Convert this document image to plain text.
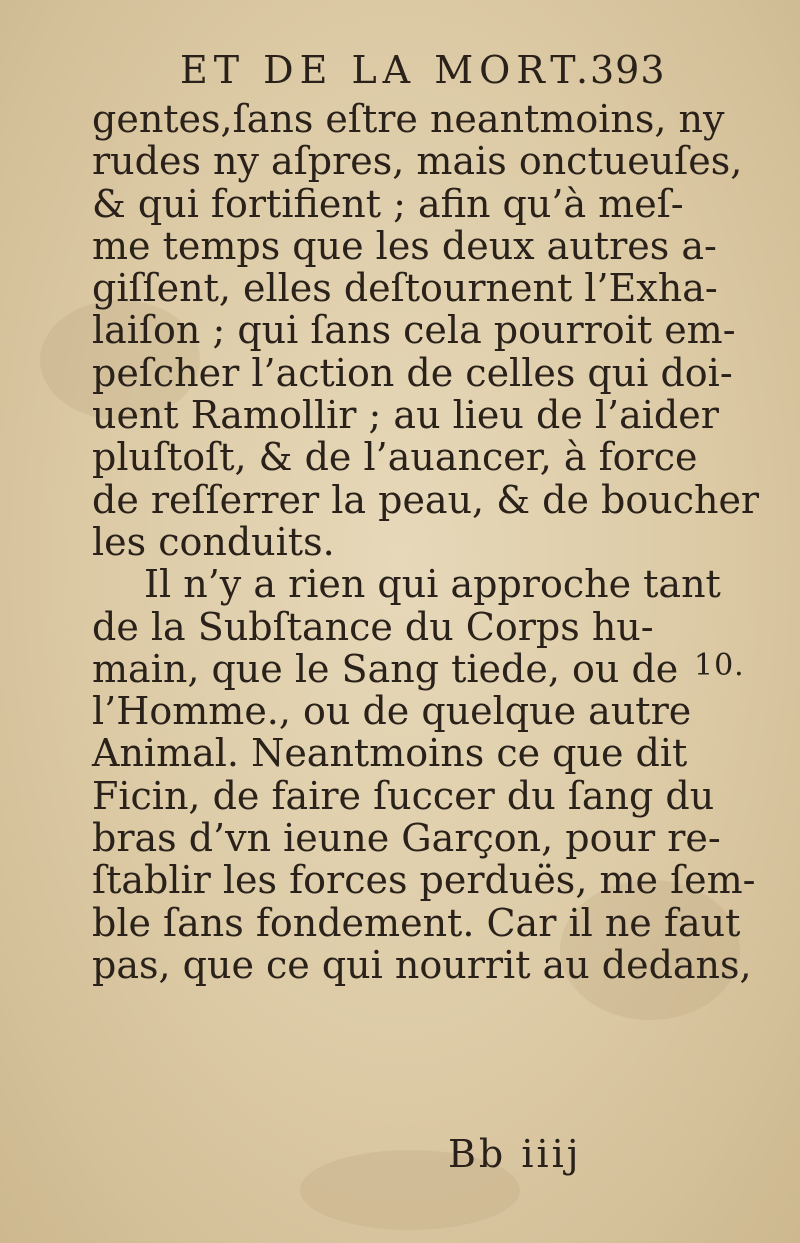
ET DE LA MORT.
393
gentes,ſans eſtre neantmoins, ny
rudes ny aſpres, mais onctueuſes,
& qui fortifient ; afin qu’à meſ-
me temps que les deux autres a-
giſſent, elles deſtournent l’Exha-
laiſon ; qui ſans cela pourroit em-
peſcher l’action de celles qui doi-
uent Ramollir ; au lieu de l’aider
pluſtoſt, & de l’auancer, à force
de reſſerrer la peau, & de boucher
les conduits.
Il n’y a rien qui approche tant
de la Subſtance du Corps hu-
main, que le Sang tiede, ou de
l’Homme., ou de quelque autre
Animal. Neantmoins ce que dit
Ficin, de faire ſuccer du ſang du
bras d’vn ieune Garçon, pour re-
ſtablir les forces perduës, me ſem-
ble ſans fondement. Car il ne faut
pas, que ce qui nourrit au dedans,
10.
Bb iiij
